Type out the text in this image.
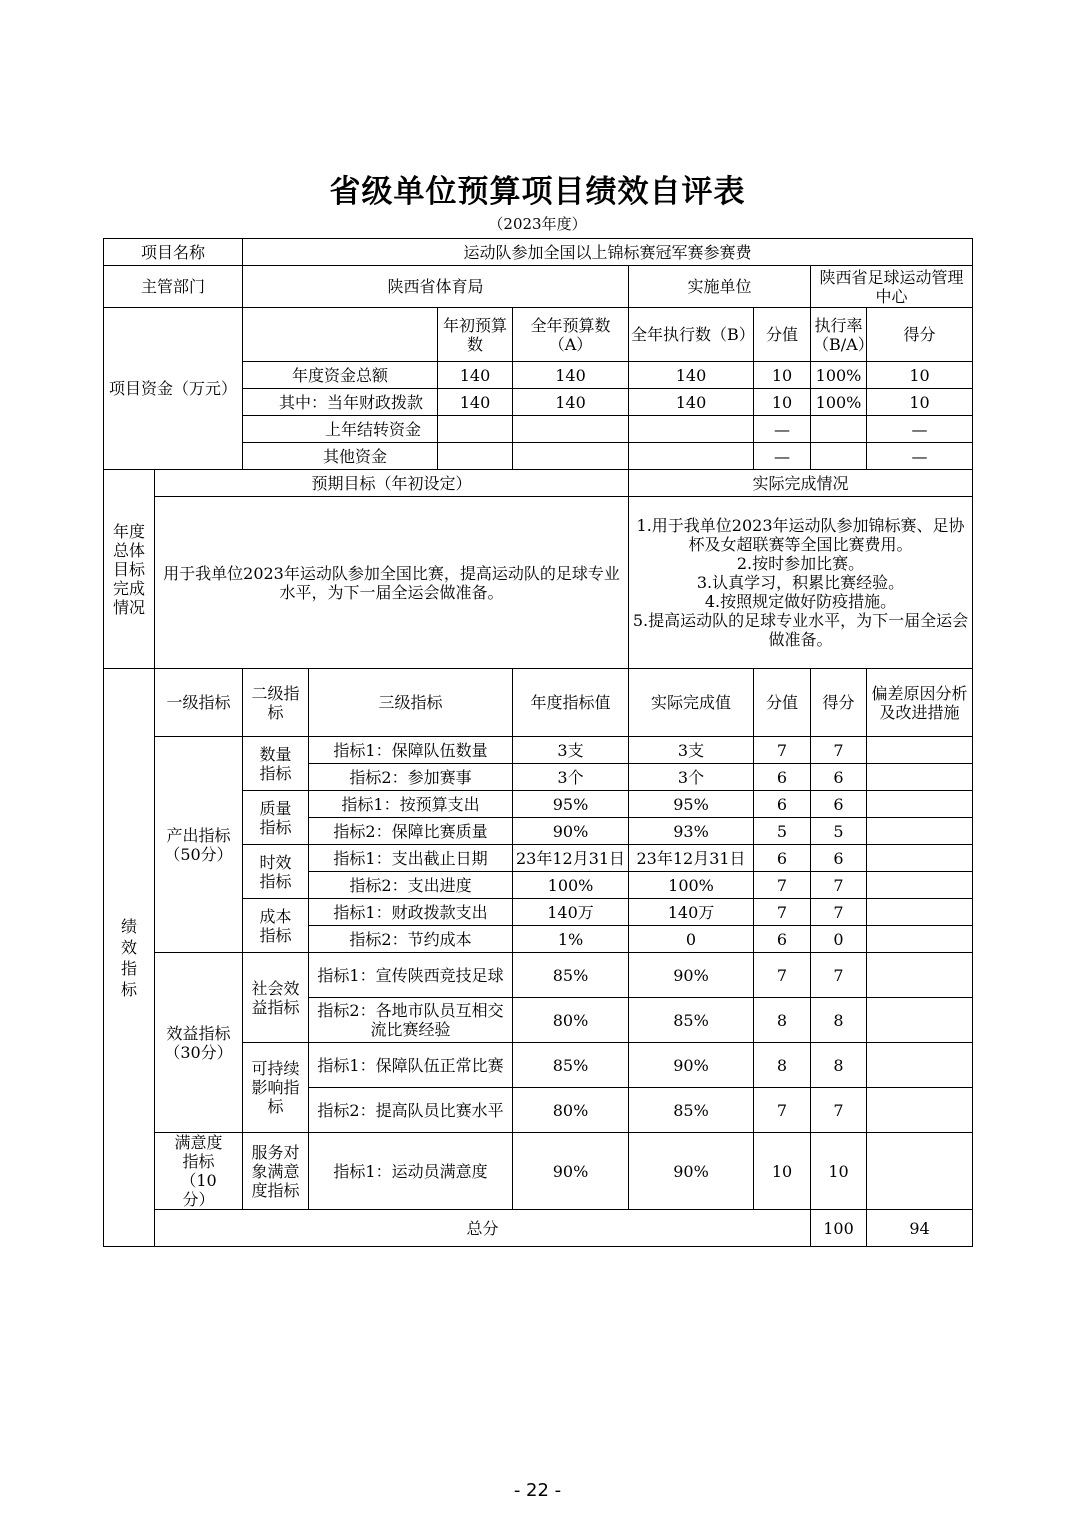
省级单位预算项目绩效自评表
（2023年度）
项目名称		运动队参加全国以上锦标赛冠军赛参赛费								
主管部门		陕西省体育局				实施单位		陕西省足球运动管理中心		
项目资金（万元）				年初预算数	全年预算数（A）	全年执行数（B）	分值	执行率（B/A）	得分	
		年度资金总额		140	140	140	10	100%	10	
		其中：当年财政拨款		140	140	140	10	100%	10	
		上年结转资金					—		—	
		其他资金					—		—	
年度总体目标完成情况	预期目标（年初设定）					实际完成情况				
	用于我单位2023年运动队参加全国比赛，提高运动队的足球专业水平，为下一届全运会做准备。					1.用于我单位2023年运动队参加锦标赛、足协杯及女超联赛等全国比赛费用。
2.按时参加比赛。
3.认真学习，积累比赛经验。
4.按照规定做好防疫措施。
5.提高运动队的足球专业水平，为下一届全运会做准备。				

绩效指标	一级指标	二级指标	三级指标		年度指标值	实际完成值	分值	得分	偏差原因分析及改进措施	
	产出指标（50分）	数量指标	指标1：保障队伍数量		3支	3支	7	7		
			指标2：参加赛事		3个	3个	6	6		
		质量指标	指标1：按预算支出		95%	95%	6	6		
			指标2：保障比赛质量		90%	93%	5	5		
		时效指标	指标1：支出截止日期		23年12月31日	23年12月31日	6	6		
			指标2：支出进度		100%	100%	7	7		
		成本指标	指标1：财政拨款支出		140万	140万	7	7		
			指标2：节约成本		1%	0	6	0		
	效益指标（30分）	社会效益指标	指标1：宣传陕西竞技足球		85%	90%	7	7		
			指标2：各地市队员互相交流比赛经验		80%	85%	8	8		
		可持续影响指标	指标1：保障队伍正常比赛		85%	90%	8	8		
			指标2：提高队员比赛水平		80%	85%	7	7		
	满意度指标（10分）	服务对象满意度指标	指标1：运动员满意度		90%	90%	10	10		
	总分							100	94	
- 22 -
